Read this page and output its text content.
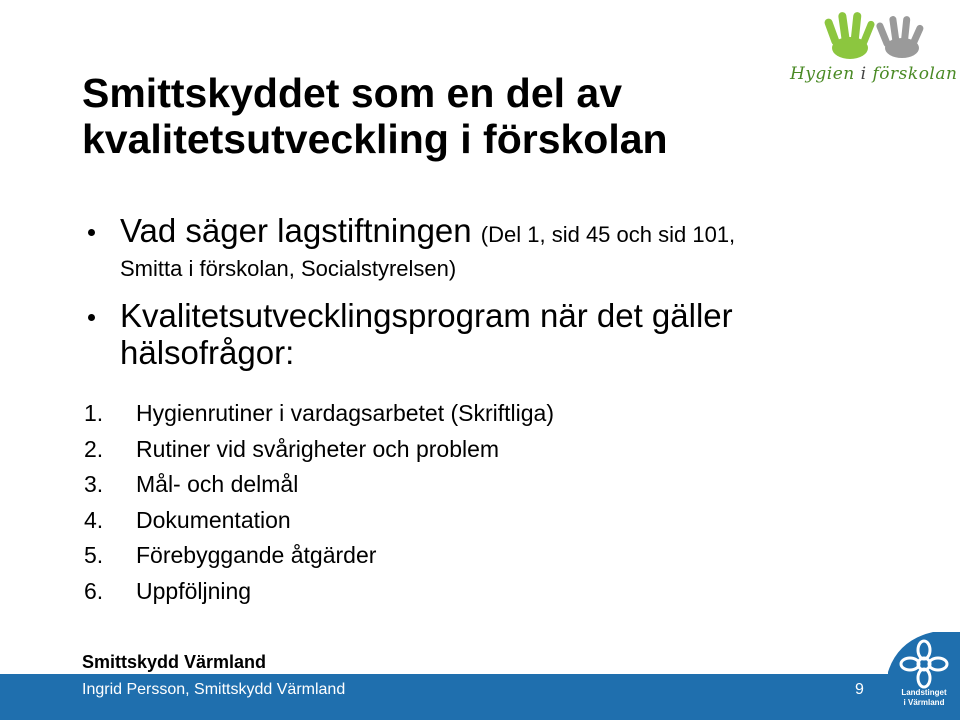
Hygien i förskolan
Smittskyddet som en del av
kvalitetsutveckling i förskolan
Vad säger lagstiftningen (Del 1, sid 45 och sid 101,
Smitta i förskolan, Socialstyrelsen)
Kvalitetsutvecklingsprogram när det gäller hälsofrågor:
1. Hygienrutiner i vardagsarbetet (Skriftliga)
2. Rutiner vid svårigheter och problem
3. Mål- och delmål
4. Dokumentation
5. Förebyggande åtgärder
6. Uppföljning
Smittskydd Värmland
Ingrid Persson, Smittskydd Värmland	9	Landstinget
i Värmland
